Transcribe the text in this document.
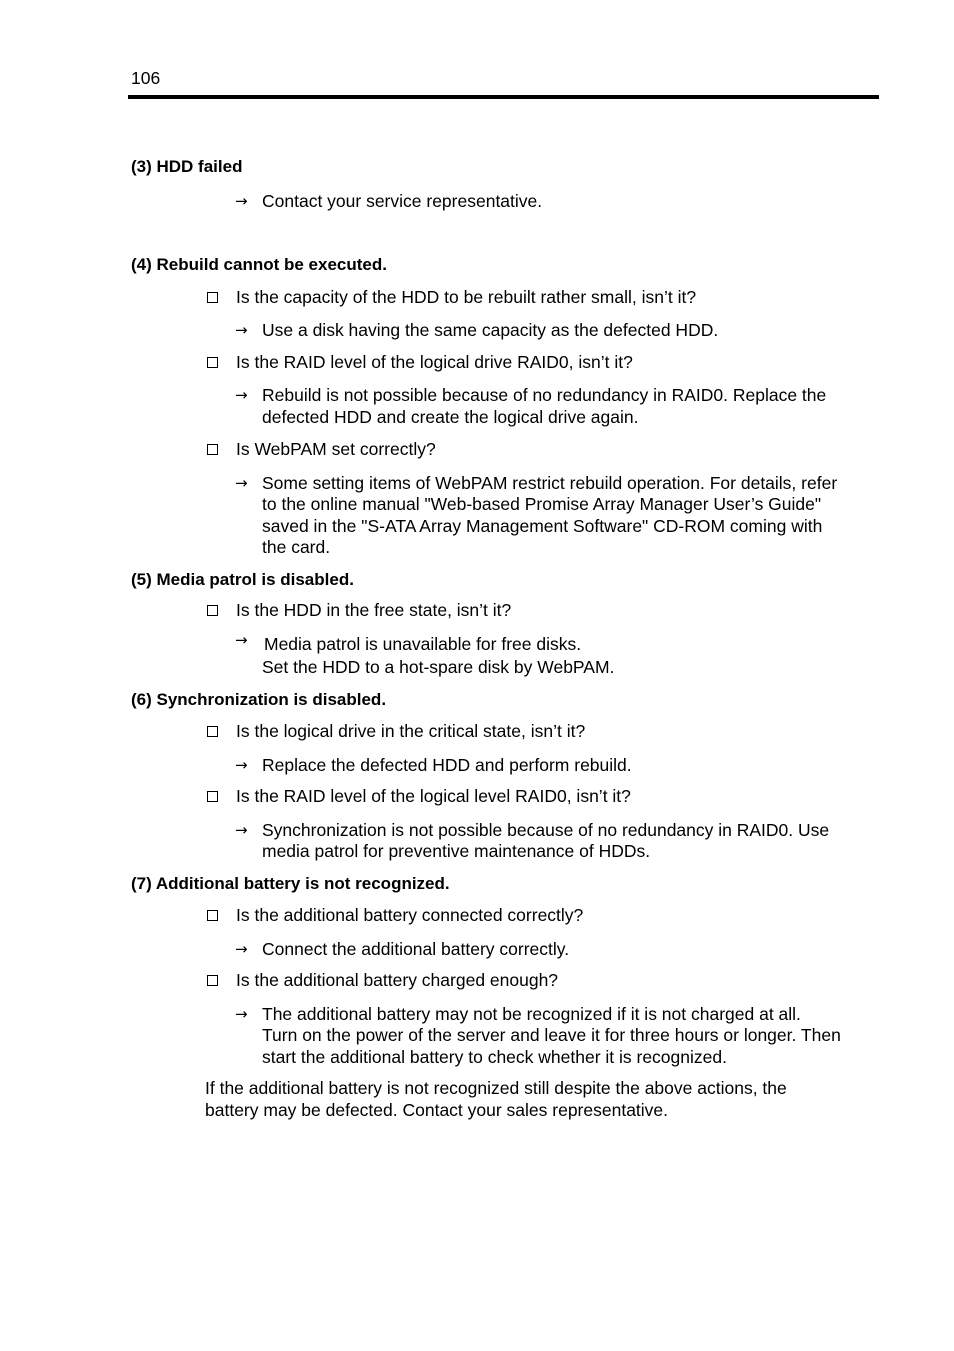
106
(3) HDD failed
→ Contact your service representative.
(4) Rebuild cannot be executed.
Is the capacity of the HDD to be rebuilt rather small, isn’t it?
→ Use a disk having the same capacity as the defected HDD.
Is the RAID level of the logical drive RAID0, isn’t it?
→ Rebuild is not possible because of no redundancy in RAID0. Replace the
defected HDD and create the logical drive again.
Is WebPAM set correctly?
→ Some setting items of WebPAM restrict rebuild operation. For details, refer
to the online manual "Web-based Promise Array Manager User’s Guide"
saved in the "S-ATA Array Management Software" CD-ROM coming with
the card.
(5) Media patrol is disabled.
Is the HDD in the free state, isn’t it?
→ Media patrol is unavailable for free disks.
Set the HDD to a hot-spare disk by WebPAM.
(6) Synchronization is disabled.
Is the logical drive in the critical state, isn’t it?
→ Replace the defected HDD and perform rebuild.
Is the RAID level of the logical level RAID0, isn’t it?
→ Synchronization is not possible because of no redundancy in RAID0. Use
media patrol for preventive maintenance of HDDs.
(7) Additional battery is not recognized.
Is the additional battery connected correctly?
→ Connect the additional battery correctly.
Is the additional battery charged enough?
→ The additional battery may not be recognized if it is not charged at all.
Turn on the power of the server and leave it for three hours or longer. Then
start the additional battery to check whether it is recognized.
If the additional battery is not recognized still despite the above actions, the
battery may be defected. Contact your sales representative.
